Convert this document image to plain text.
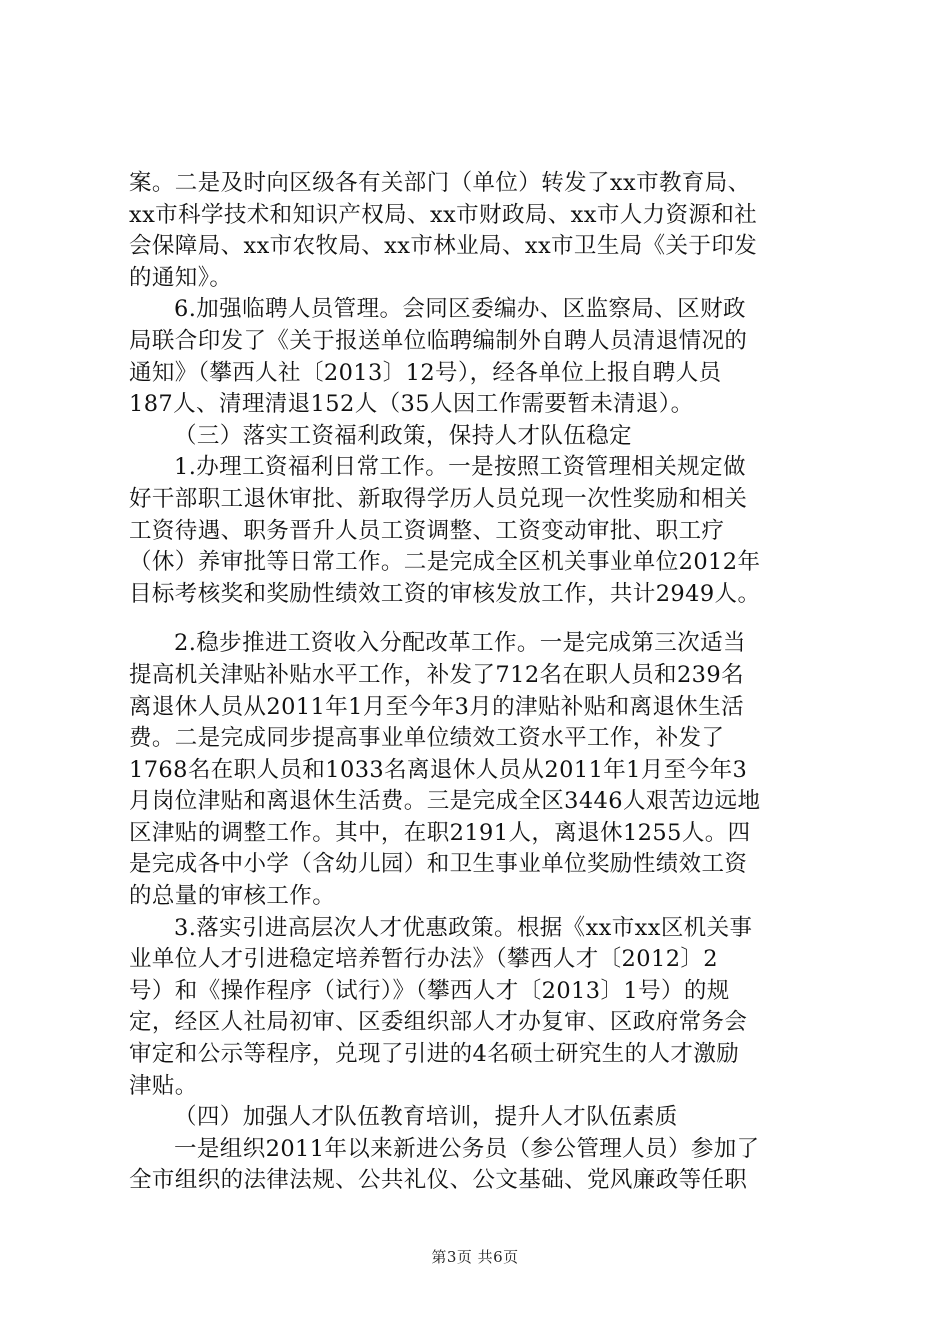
案。二是及时向区级各有关部门（单位）转发了xx市教育局、
xx市科学技术和知识产权局、xx市财政局、xx市人力资源和社
会保障局、xx市农牧局、xx市林业局、xx市卫生局《关于印发
的通知》。
6.加强临聘人员管理。会同区委编办、区监察局、区财政
局联合印发了《关于报送单位临聘编制外自聘人员清退情况的
通知》（攀西人社〔2013〕12号），经各单位上报自聘人员
187人、清理清退152人（35人因工作需要暂未清退）。
（三）落实工资福利政策，保持人才队伍稳定
1.办理工资福利日常工作。一是按照工资管理相关规定做
好干部职工退休审批、新取得学历人员兑现一次性奖励和相关
工资待遇、职务晋升人员工资调整、工资变动审批、职工疗
（休）养审批等日常工作。二是完成全区机关事业单位2012年
目标考核奖和奖励性绩效工资的审核发放工作，共计2949人。
2.稳步推进工资收入分配改革工作。一是完成第三次适当
提高机关津贴补贴水平工作，补发了712名在职人员和239名
离退休人员从2011年1月至今年3月的津贴补贴和离退休生活
费。二是完成同步提高事业单位绩效工资水平工作，补发了
1768名在职人员和1033名离退休人员从2011年1月至今年3
月岗位津贴和离退休生活费。三是完成全区3446人艰苦边远地
区津贴的调整工作。其中，在职2191人，离退休1255人。四
是完成各中小学（含幼儿园）和卫生事业单位奖励性绩效工资
的总量的审核工作。
3.落实引进高层次人才优惠政策。根据《xx市xx区机关事
业单位人才引进稳定培养暂行办法》（攀西人才〔2012〕2
号）和《操作程序（试行）》（攀西人才〔2013〕1号）的规
定，经区人社局初审、区委组织部人才办复审、区政府常务会
审定和公示等程序，兑现了引进的4名硕士研究生的人才激励
津贴。
（四）加强人才队伍教育培训，提升人才队伍素质
一是组织2011年以来新进公务员（参公管理人员）参加了
全市组织的法律法规、公共礼仪、公文基础、党风廉政等任职
第3页 共6页
